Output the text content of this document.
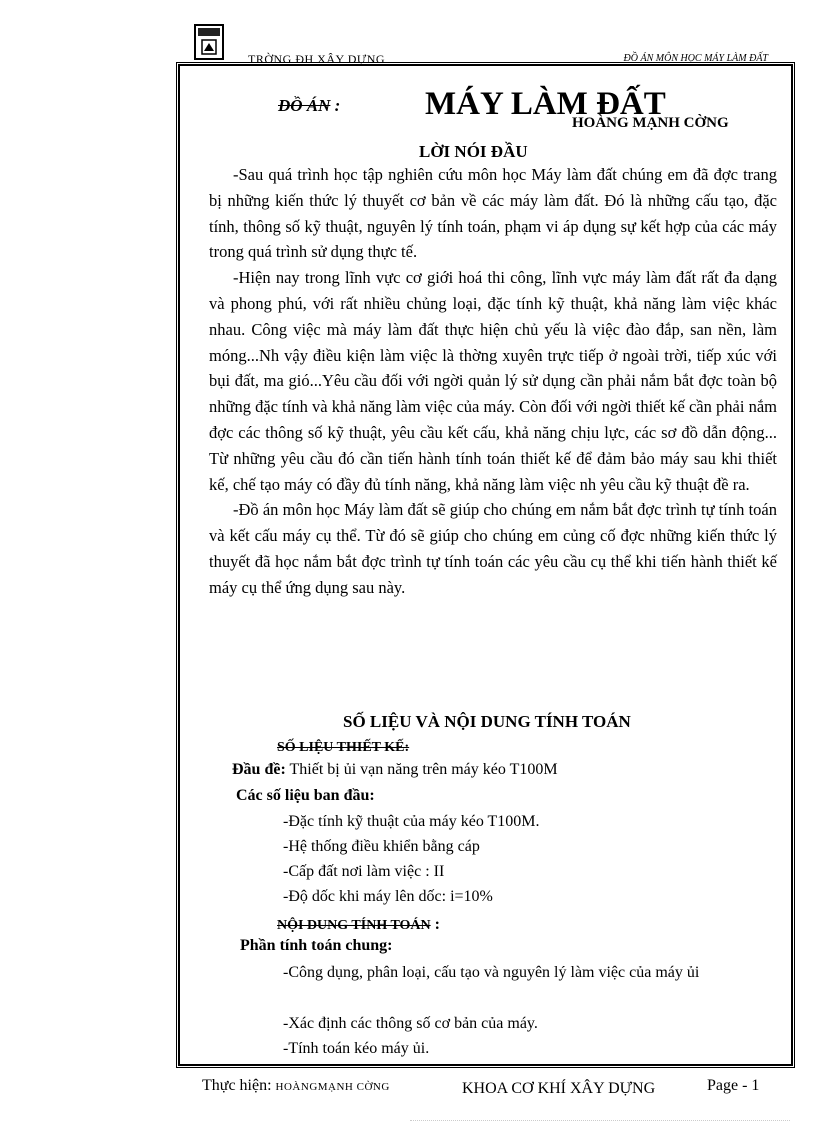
TRỜNG ĐH XÂY DỰNG	ĐỒ ÁN MÔN HỌC MÁY LÀM ĐẤT
ĐỒ ÁN :	MÁY LÀM ĐẤT
HOÀNG MẠNH CỜNG
LỜI NÓI ĐẦU

-Sau quá trình học tập nghiên cứu môn học Máy làm đất chúng em đã đợc trang bị những kiến thức lý thuyết cơ bản về các máy làm đất. Đó là những cấu tạo, đặc tính, thông số kỹ thuật, nguyên lý tính toán, phạm vi áp dụng sự kết hợp của các máy trong quá trình sử dụng thực tế.

-Hiện nay trong lĩnh vực cơ giới hoá thi công, lĩnh vực máy làm đất rất đa dạng và phong phú, với rất nhiều chủng loại, đặc tính kỹ thuật, khả năng làm việc khác nhau. Công việc mà máy làm đất thực hiện chủ yếu là việc đào đắp, san nền, làm móng...Nh vậy điều kiện làm việc là thờng xuyên trực tiếp ở ngoài trời, tiếp xúc với bụi đất, ma gió...Yêu cầu đối với ngời quản lý sử dụng cần phải nắm bắt đợc toàn bộ những đặc tính và khả năng làm việc của máy. Còn đối với ngời thiết kế cần phải nắm đợc các thông số kỹ thuật, yêu cầu kết cấu, khả năng chịu lực, các sơ đồ dẫn động... Từ những yêu cầu đó cần tiến hành tính toán thiết kế để đảm bảo máy sau khi thiết kế, chế tạo máy có đầy đủ tính năng, khả năng làm việc nh yêu cầu kỹ thuật đề ra.

-Đồ án môn học Máy làm đất sẽ giúp cho chúng em nắm bắt đợc trình tự tính toán và kết cấu máy cụ thể. Từ đó sẽ giúp cho chúng em củng cố đợc những kiến thức lý thuyết đã học nắm bắt đợc trình tự tính toán các yêu cầu cụ thể khi tiến hành thiết kế máy cụ thể ứng dụng sau này.

SỐ LIỆU VÀ NỘI DUNG TÍNH TOÁN
SỐ LIỆU THIẾT KẾ:
Đầu đề: Thiết bị ủi vạn năng trên máy kéo T100M
Các số liệu ban đầu:
-Đặc tính kỹ thuật của máy kéo T100M.
-Hệ thống điều khiển bằng cáp
-Cấp đất nơi làm việc : II
-Độ dốc khi máy lên dốc: i=10%
NỘI DUNG TÍNH TOÁN :
Phần tính toán chung:

-Công dụng, phân loại, cấu tạo và nguyên lý làm việc của máy ủi

-Xác định các thông số cơ bản của máy.
-Tính toán kéo máy ủi.
Thực hiện: HOÀNGMẠNH CỜNG	KHOA CƠ KHÍ XÂY DỰNG	Page - 1
